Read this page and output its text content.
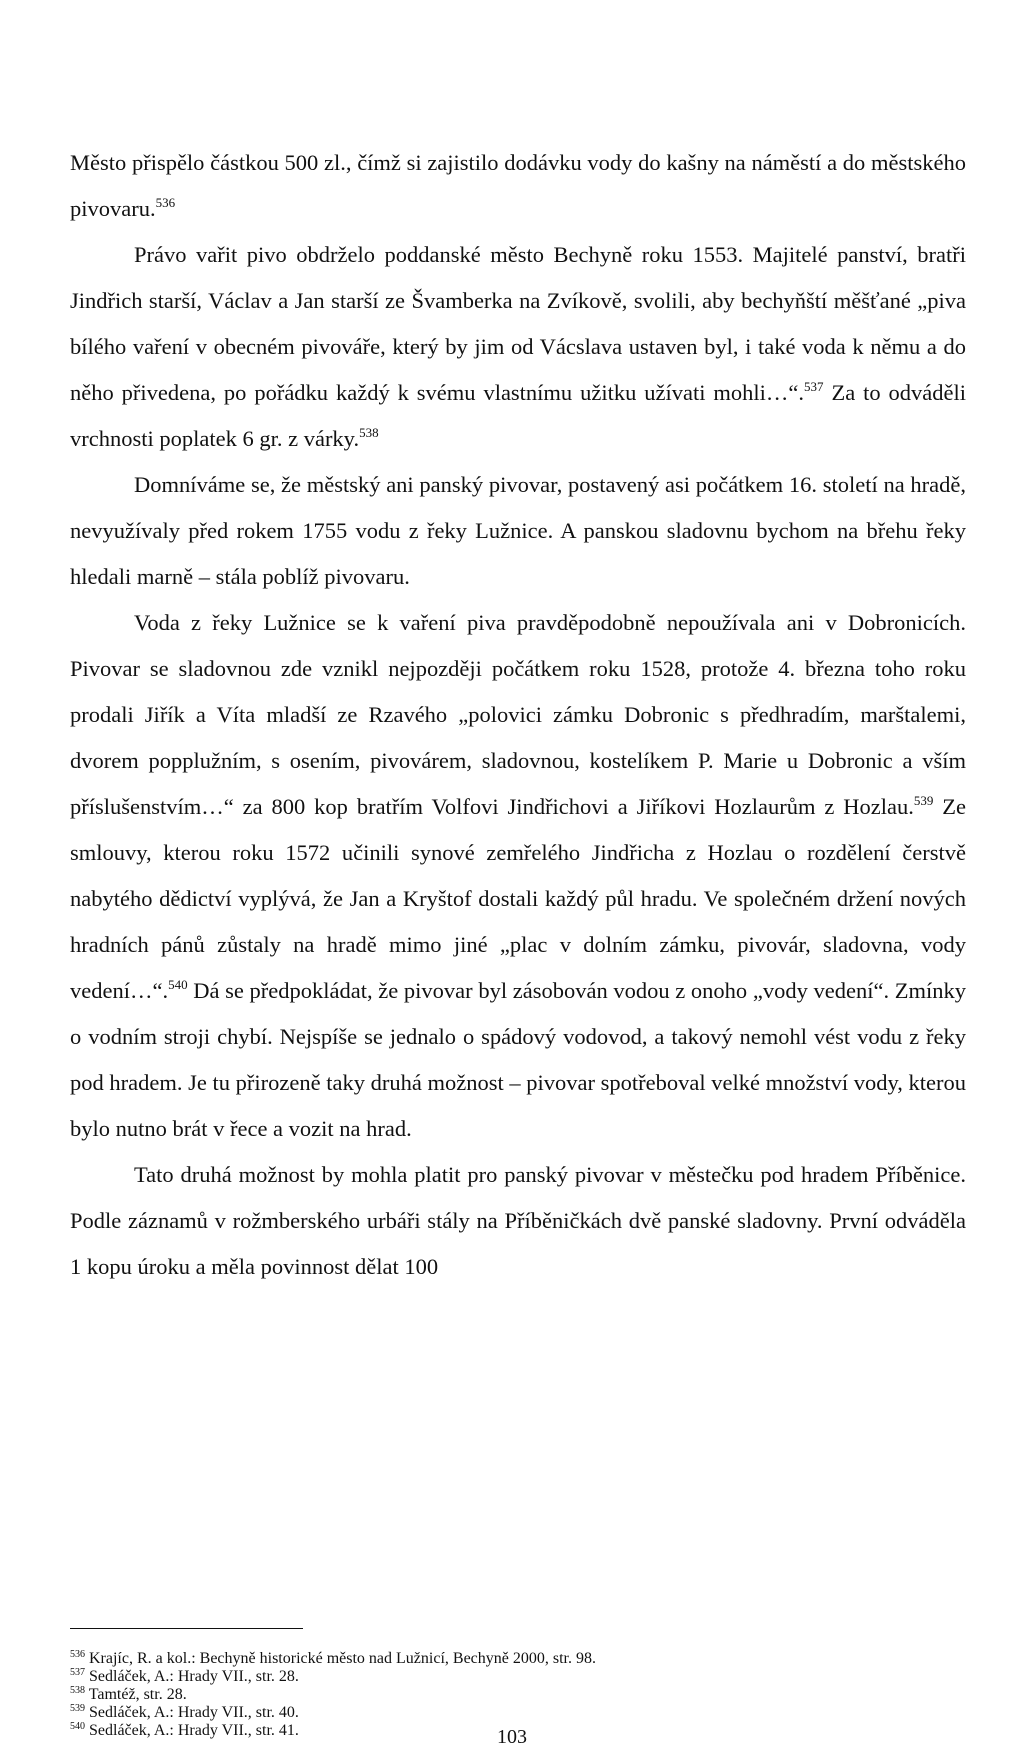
Město přispělo částkou 500 zl., čímž si zajistilo dodávku vody do kašny na náměstí a do městského pivovaru.$^{536}$

Právo vařit pivo obdrželo poddanské město Bechyně roku 1553. Majitelé panství, bratři Jindřich starší, Václav a Jan starší ze Švamberka na Zvíkově, svolili, aby bechyňští měšťané „piva bílého vaření v obecném pivováře, který by jim od Vácslava ustaven byl, i také voda k němu a do něho přivedena, po pořádku každý k svému vlastnímu užitku užívati mohli…“.$^{537}$ Za to odváděli vrchnosti poplatek 6 gr. z várky.$^{538}$

Domníváme se, že městský ani panský pivovar, postavený asi počátkem 16. století na hradě, nevyužívaly před rokem 1755 vodu z řeky Lužnice. A panskou sladovnu bychom na břehu řeky hledali marně – stála poblíž pivovaru.

Voda z řeky Lužnice se k vaření piva pravděpodobně nepoužívala ani v Dobronicích. Pivovar se sladovnou zde vznikl nejpozději počátkem roku 1528, protože 4. března toho roku prodali Jiřík a Víta mladší ze Rzavého „polovici zámku Dobronic s předhradím, marštalemi, dvorem popplužním, s osením, pivovárem, sladovnou, kostelíkem P. Marie u Dobronic a vším příslušenstvím…“ za 800 kop bratřím Volfovi Jindřichovi a Jiříkovi Hozlaurům z Hozlau.$^{539}$ Ze smlouvy, kterou roku 1572 učinili synové zemřelého Jindřicha z Hozlau o rozdělení čerstvě nabytého dědictví vyplývá, že Jan a Kryštof dostali každý půl hradu. Ve společném držení nových hradních pánů zůstaly na hradě mimo jiné „plac v dolním zámku, pivovár, sladovna, vody vedení…“.$^{540}$ Dá se předpokládat, že pivovar byl zásobován vodou z onoho „vody vedení“. Zmínky o vodním stroji chybí. Nejspíše se jednalo o spádový vodovod, a takový nemohl vést vodu z řeky pod hradem. Je tu přirozeně taky druhá možnost – pivovar spotřeboval velké množství vody, kterou bylo nutno brát v řece a vozit na hrad.

Tato druhá možnost by mohla platit pro panský pivovar v městečku pod hradem Příběnice. Podle záznamů v rožmberského urbáři stály na Příběničkách dvě panské sladovny. První odváděla 1 kopu úroku a měla povinnost dělat 100

$^{536}$ Krajíc, R. a kol.: Bechyně historické město nad Lužnicí, Bechyně 2000, str. 98.
$^{537}$ Sedláček, A.: Hrady VII., str. 28.
$^{538}$ Tamtéž, str. 28.
$^{539}$ Sedláček, A.: Hrady VII., str. 40.
$^{540}$ Sedláček, A.: Hrady VII., str. 41.	103
